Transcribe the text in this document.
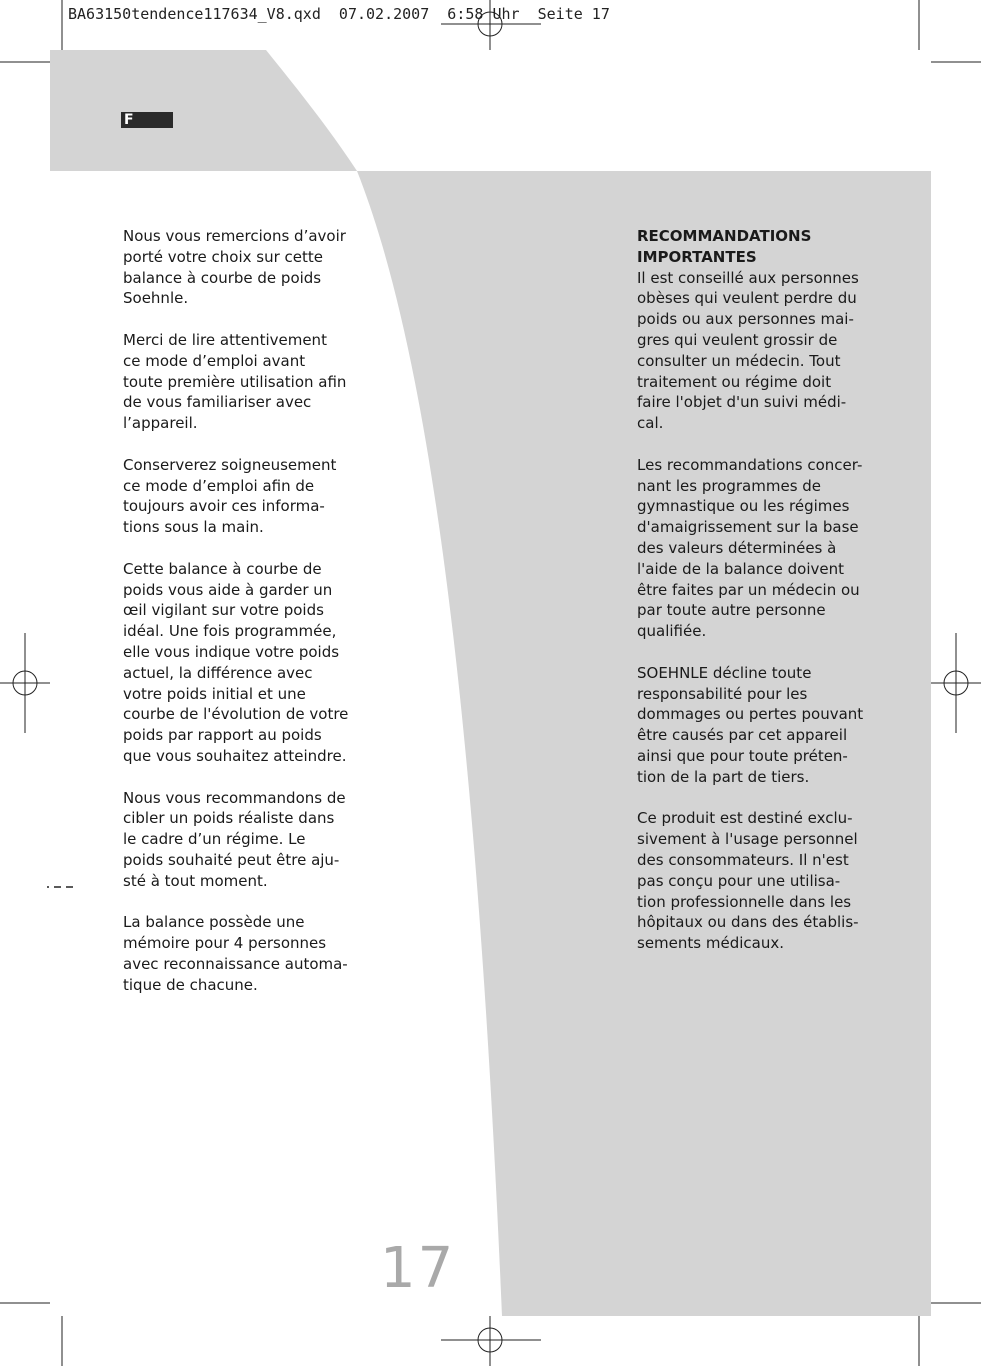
BA63150tendence117634_V8.qxd  07.02.2007  6:58 Uhr  Seite 17
F

Nous vous remercions d’avoir
porté votre choix sur cette
balance à courbe de poids
Soehnle.

Merci de lire attentivement
ce mode d’emploi avant
toute première utilisation afin
de vous familiariser avec
l’appareil.

Conserverez soigneusement
ce mode d’emploi afin de
toujours avoir ces informa-
tions sous la main.

Cette balance à courbe de
poids vous aide à garder un
œil vigilant sur votre poids
idéal. Une fois programmée,
elle vous indique votre poids
actuel, la différence avec
votre poids initial et une
courbe de l'évolution de votre
poids par rapport au poids
que vous souhaitez atteindre.

Nous vous recommandons de
cibler un poids réaliste dans
le cadre d’un régime. Le
poids souhaité peut être aju-
sté à tout moment.

La balance possède une
mémoire pour 4 personnes
avec reconnaissance automa-
tique de chacune.

RECOMMANDATIONS
IMPORTANTES

Il est conseillé aux personnes
obèses qui veulent perdre du
poids ou aux personnes mai-
gres qui veulent grossir de
consulter un médecin. Tout
traitement ou régime doit
faire l'objet d'un suivi médi-
cal.

Les recommandations concer-
nant les programmes de
gymnastique ou les régimes
d'amaigrissement sur la base
des valeurs déterminées à
l'aide de la balance doivent
être faites par un médecin ou
par toute autre personne
qualifiée.

SOEHNLE décline toute
responsabilité pour les
dommages ou pertes pouvant
être causés par cet appareil
ainsi que pour toute préten-
tion de la part de tiers.

Ce produit est destiné exclu-
sivement à l'usage personnel
des consommateurs. Il n'est
pas conçu pour une utilisa-
tion professionnelle dans les
hôpitaux ou dans des établis-
sements médicaux.

17
